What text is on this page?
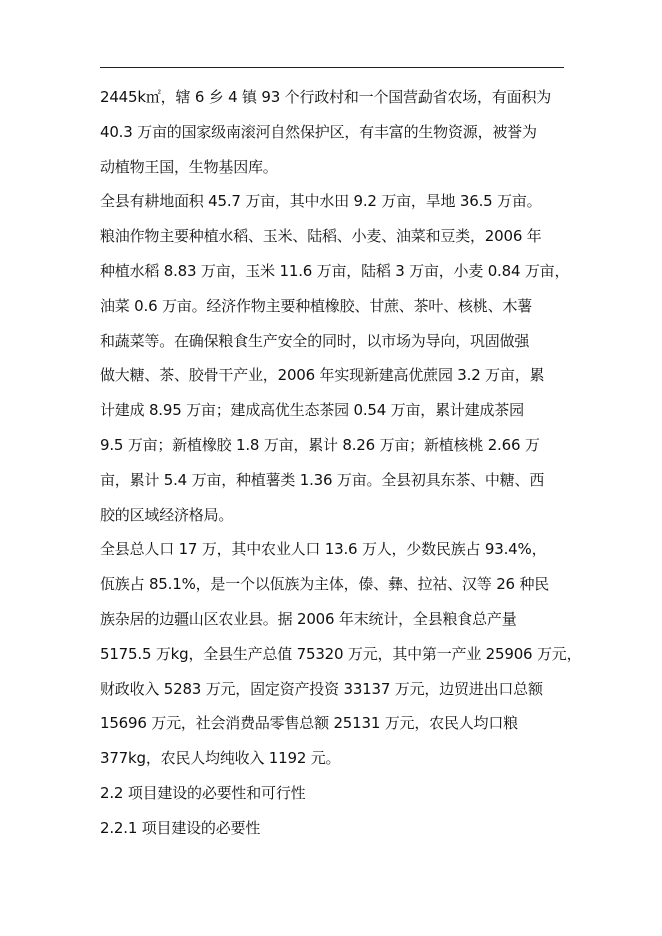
2445k㎡，辖 6 乡 4 镇 93 个行政村和一个国营勐省农场，有面积为
40.3 万亩的国家级南滚河自然保护区，有丰富的生物资源，被誉为
动植物王国，生物基因库。
全县有耕地面积 45.7 万亩，其中水田 9.2 万亩，旱地 36.5 万亩。
粮油作物主要种植水稻、玉米、陆稻、小麦、油菜和豆类，2006 年
种植水稻 8.83 万亩，玉米 11.6 万亩，陆稻 3 万亩，小麦 0.84 万亩，
油菜 0.6 万亩。经济作物主要种植橡胶、甘蔗、茶叶、核桃、木薯
和蔬菜等。在确保粮食生产安全的同时，以市场为导向，巩固做强
做大糖、茶、胶骨干产业，2006 年实现新建高优蔗园 3.2 万亩，累
计建成 8.95 万亩；建成高优生态茶园 0.54 万亩，累计建成茶园
9.5 万亩；新植橡胶 1.8 万亩，累计 8.26 万亩；新植核桃 2.66 万
亩，累计 5.4 万亩，种植薯类 1.36 万亩。全县初具东茶、中糖、西
胶的区域经济格局。
全县总人口 17 万，其中农业人口 13.6 万人，少数民族占 93.4%，
佤族占 85.1%，是一个以佤族为主体，傣、彝、拉祜、汉等 26 种民
族杂居的边疆山区农业县。据 2006 年末统计，全县粮食总产量
5175.5 万kg，全县生产总值 75320 万元，其中第一产业 25906 万元，
财政收入 5283 万元，固定资产投资 33137 万元，边贸进出口总额
15696 万元，社会消费品零售总额 25131 万元，农民人均口粮
377kg，农民人均纯收入 1192 元。
2.2 项目建设的必要性和可行性
2.2.1 项目建设的必要性
